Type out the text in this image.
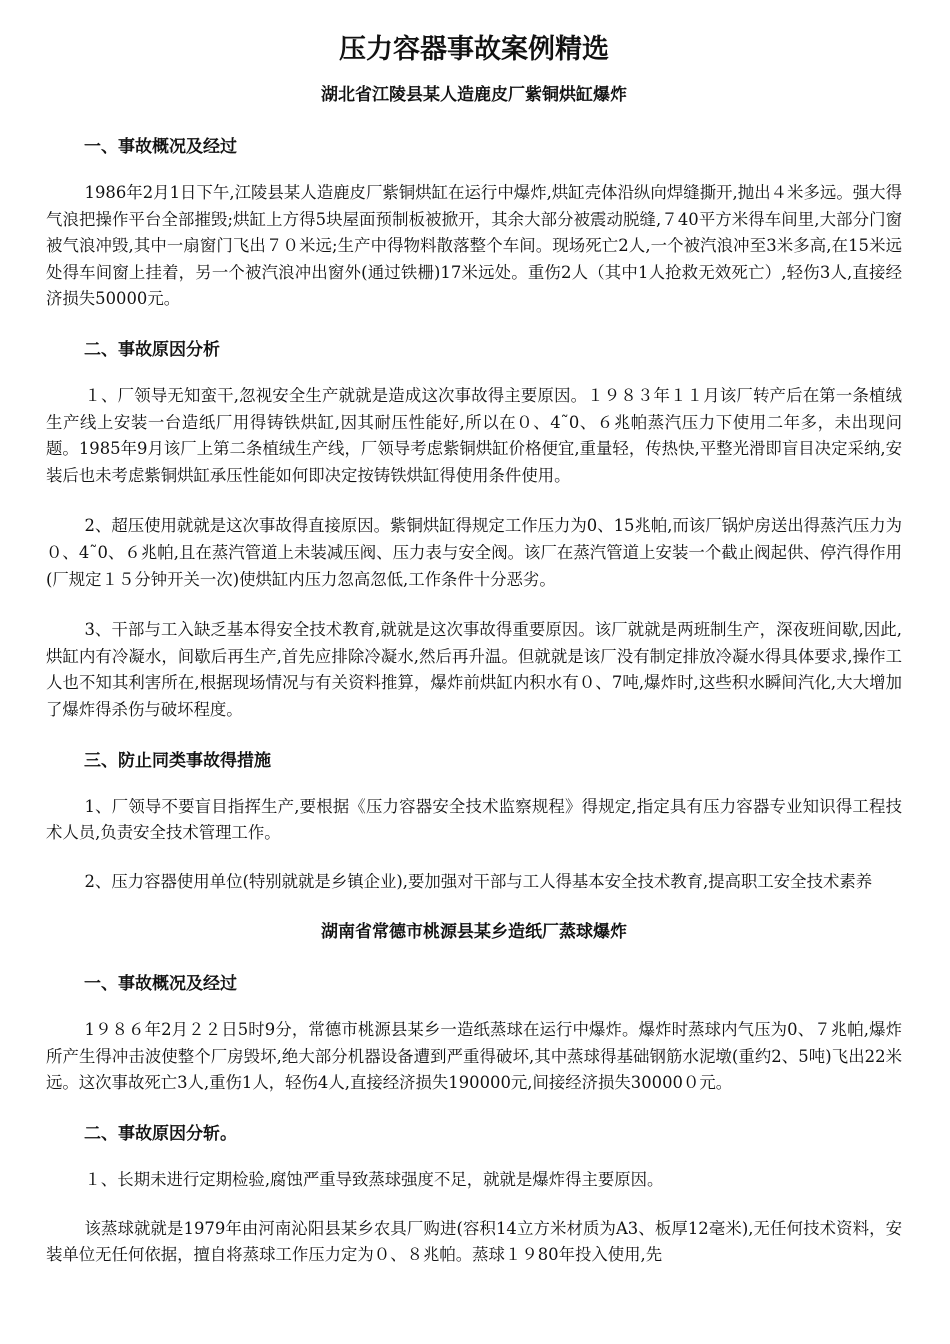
压力容器事故案例精选
湖北省江陵县某人造鹿皮厂紫铜烘缸爆炸
一、事故概况及经过

1986年2月1日下午,江陵县某人造鹿皮厂紫铜烘缸在运行中爆炸,烘缸壳体沿纵向焊缝撕开,抛出４米多远。强大得气浪把操作平台全部摧毁;烘缸上方得5块屋面预制板被掀开，其余大部分被震动脱缝,７40平方米得车间里,大部分门窗被气浪冲毁,其中一扇窗门飞出７０米远;生产中得物料散落整个车间。现场死亡2人,一个被汽浪冲至3米多高,在15米远处得车间窗上挂着，另一个被汽浪冲出窗外(通过铁栅)17米远处。重伤2人（其中1人抢救无效死亡）,轻伤3人,直接经济损失50000元。

二、事故原因分析

１、厂领导无知蛮干,忽视安全生产就就是造成这次事故得主要原因。１９８３年１１月该厂转产后在第一条植绒生产线上安装一台造纸厂用得铸铁烘缸,因其耐压性能好,所以在０、4˜0、６兆帕蒸汽压力下使用二年多，未出现问题。1985年9月该厂上第二条植绒生产线，厂领导考虑紫铜烘缸价格便宜,重量轻，传热快,平整光滑即盲目决定采纳,安装后也未考虑紫铜烘缸承压性能如何即决定按铸铁烘缸得使用条件使用。

2、超压使用就就是这次事故得直接原因。紫铜烘缸得规定工作压力为0、15兆帕,而该厂锅炉房送出得蒸汽压力为０、4˜0、６兆帕,且在蒸汽管道上未装减压阀、压力表与安全阀。该厂在蒸汽管道上安装一个截止阀起供、停汽得作用(厂规定１５分钟开关一次)使烘缸内压力忽高忽低,工作条件十分恶劣。

3、干部与工入缺乏基本得安全技术教育,就就是这次事故得重要原因。该厂就就是两班制生产，深夜班间歇,因此,烘缸内有冷凝水，间歇后再生产,首先应排除冷凝水,然后再升温。但就就是该厂没有制定排放冷凝水得具体要求,操作工人也不知其利害所在,根据现场情况与有关资料推算，爆炸前烘缸内积水有０、7吨,爆炸时,这些积水瞬间汽化,大大增加了爆炸得杀伤与破坏程度。

三、防止同类事故得措施

1、厂领导不要盲目指挥生产,要根据《压力容器安全技术监察规程》得规定,指定具有压力容器专业知识得工程技术人员,负责安全技术管理工作。

2、压力容器使用单位(特别就就是乡镇企业),要加强对干部与工人得基本安全技术教育,提高职工安全技术素养

湖南省常德市桃源县某乡造纸厂蒸球爆炸
一、事故概况及经过

1９８６年2月２２日5时9分，常德市桃源县某乡一造纸蒸球在运行中爆炸。爆炸时蒸球内气压为0、７兆帕,爆炸所产生得冲击波使整个厂房毁坏,绝大部分机器设备遭到严重得破坏,其中蒸球得基础钢筋水泥墩(重约2、5吨)飞出22米远。这次事故死亡3人,重伤1人，轻伤4人,直接经济损失190000元,间接经济损失30000０元。

二、事故原因分斩。

１、长期未进行定期检验,腐蚀严重导致蒸球强度不足，就就是爆炸得主要原因。

该蒸球就就是1979年由河南沁阳县某乡农具厂购进(容积14立方米材质为A3、板厚12毫米),无任何技术资料，安装单位无任何依据，擅自将蒸球工作压力定为０、８兆帕。蒸球１９80年投入使用,先
